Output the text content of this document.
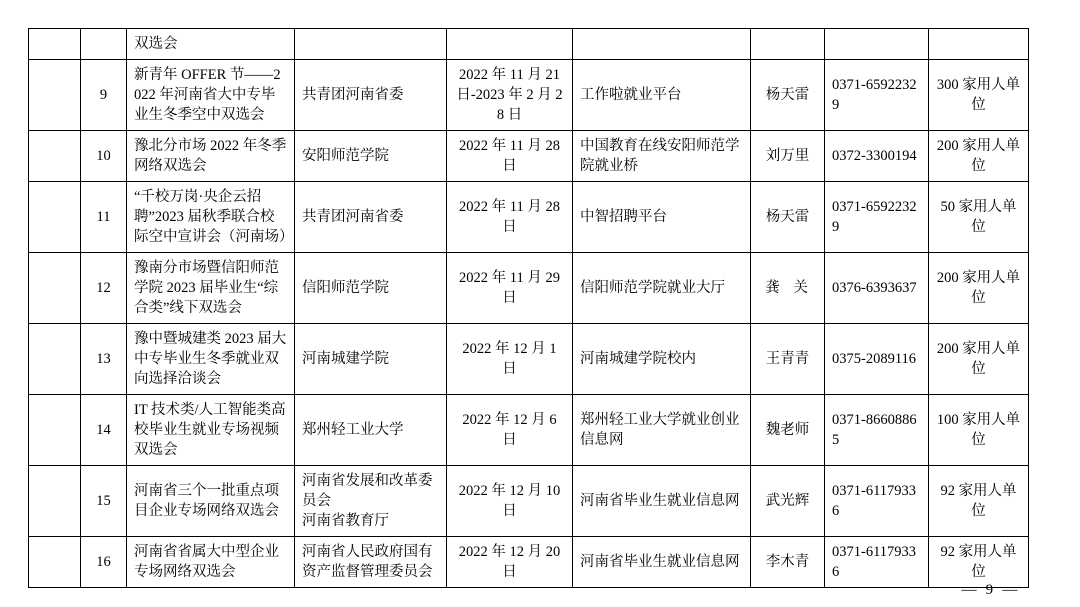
		双选会						
	9	新青年 OFFER 节——2022 年河南省大中专毕业生冬季空中双选会	共青团河南省委	2022 年 11 月 21 日-2023 年 2 月 28 日	工作啦就业平台	杨天雷	0371-65922329	300 家用人单位
	10	豫北分市场 2022 年冬季网络双选会	安阳师范学院	2022 年 11 月 28 日	中国教育在线安阳师范学院就业桥	刘万里	0372-3300194	200 家用人单位
	11	“千校万岗·央企云招聘”2023 届秋季联合校际空中宣讲会（河南场）	共青团河南省委	2022 年 11 月 28 日	中智招聘平台	杨天雷	0371-65922329	50 家用人单位
	12	豫南分市场暨信阳师范学院 2023 届毕业生“综合类”线下双选会	信阳师范学院	2022 年 11 月 29 日	信阳师范学院就业大厅	龚 关	0376-6393637	200 家用人单位
	13	豫中暨城建类 2023 届大中专毕业生冬季就业双向选择洽谈会	河南城建学院	2022 年 12 月 1 日	河南城建学院校内	王青青	0375-2089116	200 家用人单位
	14	IT 技术类/人工智能类高校毕业生就业专场视频双选会	郑州轻工业大学	2022 年 12 月 6 日	郑州轻工业大学就业创业信息网	魏老师	0371-86608865	100 家用人单位
	15	河南省三个一批重点项目企业专场网络双选会	河南省发展和改革委员会
河南省教育厅	2022 年 12 月 10 日	河南省毕业生就业信息网	武光辉	0371-61179336	92 家用人单位
	16	河南省省属大中型企业专场网络双选会	河南省人民政府国有资产监督管理委员会	2022 年 12 月 20 日	河南省毕业生就业信息网	李木青	0371-61179336	92 家用人单位
— 9 —
